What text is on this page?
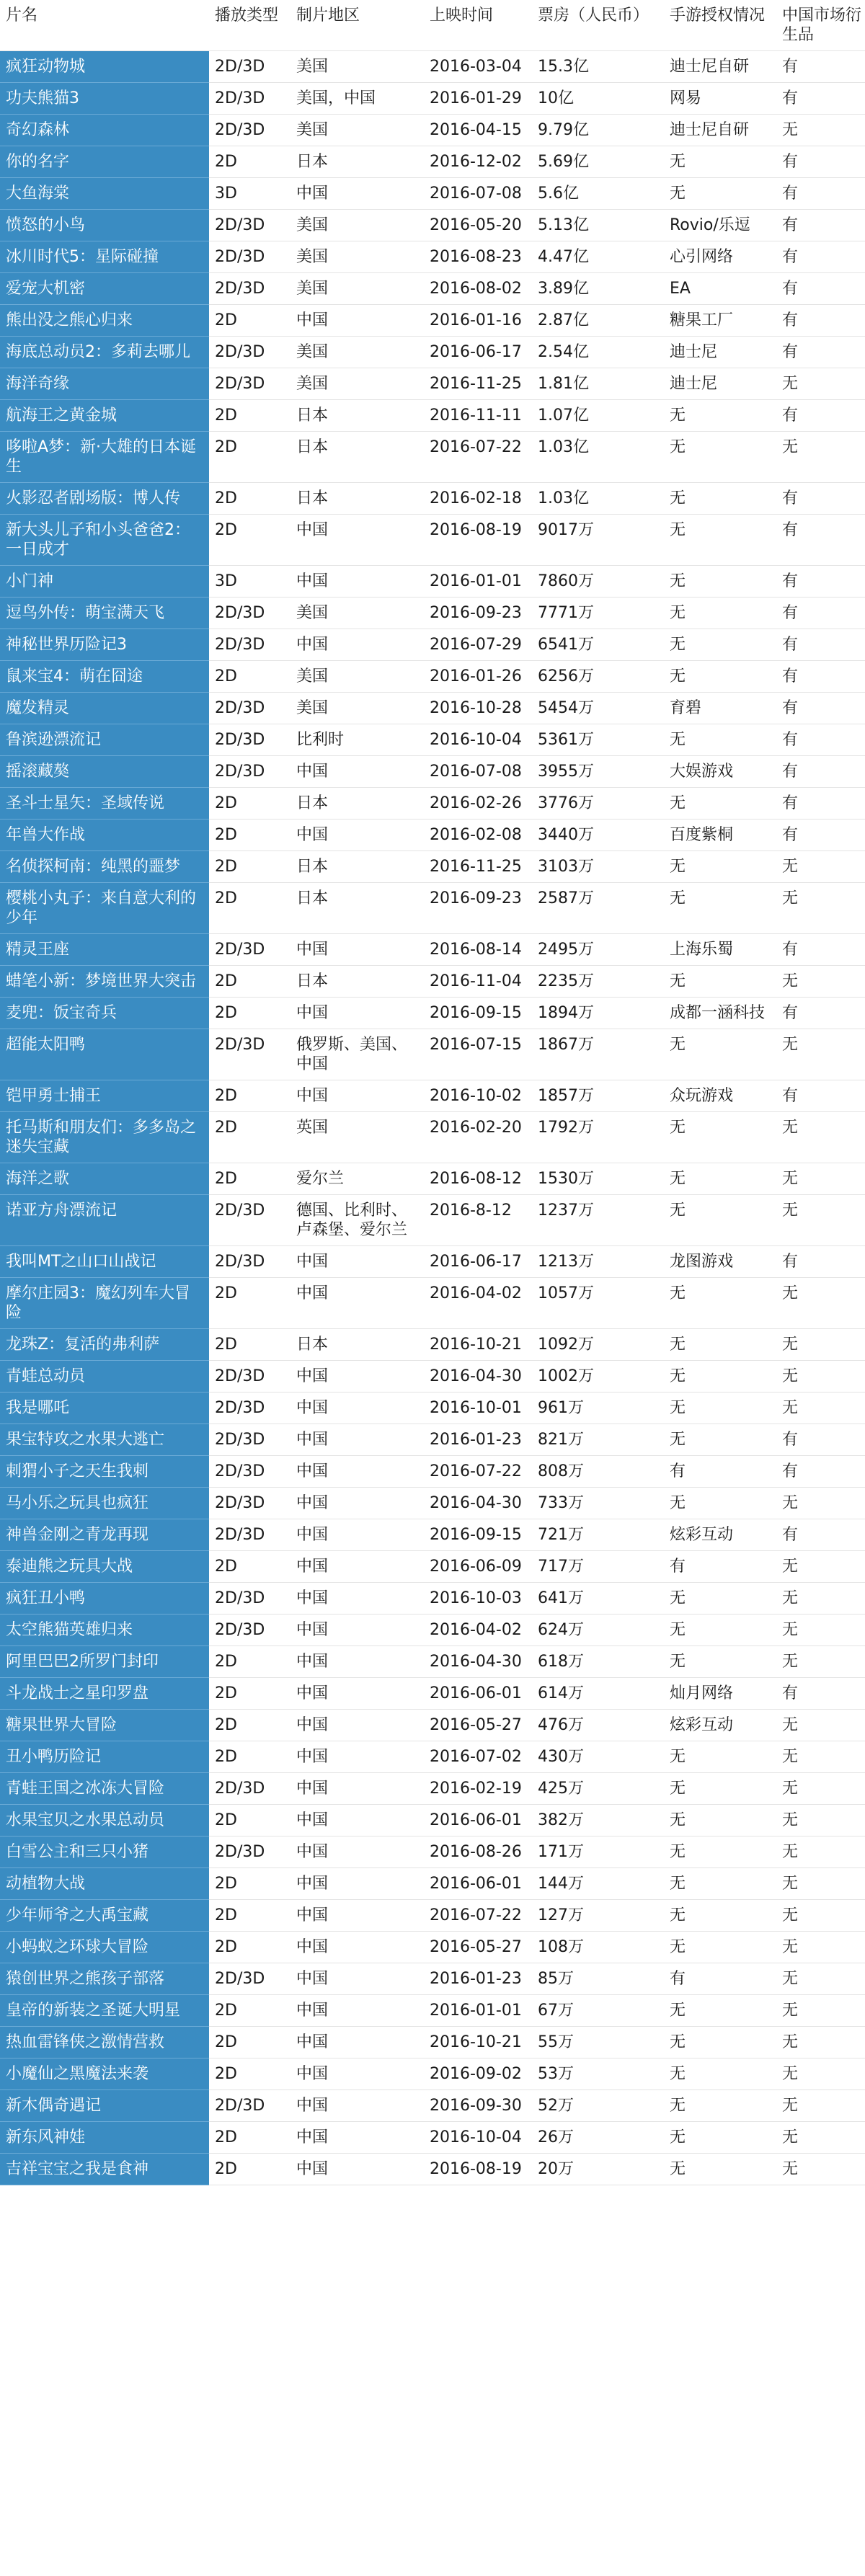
片名	播放类型	制片地区	上映时间	票房（人民币）	手游授权情况	中国市场衍生品
疯狂动物城	2D/3D	美国	2016-03-04	15.3亿	迪士尼自研	有
功夫熊猫3	2D/3D	美国，中国	2016-01-29	10亿	网易	有
奇幻森林	2D/3D	美国	2016-04-15	9.79亿	迪士尼自研	无
你的名字	2D	日本	2016-12-02	5.69亿	无	有
大鱼海棠	3D	中国	2016-07-08	5.6亿	无	有
愤怒的小鸟	2D/3D	美国	2016-05-20	5.13亿	Rovio/乐逗	有
冰川时代5：星际碰撞	2D/3D	美国	2016-08-23	4.47亿	心引网络	有
爱宠大机密	2D/3D	美国	2016-08-02	3.89亿	EA	有
熊出没之熊心归来	2D	中国	2016-01-16	2.87亿	糖果工厂	有
海底总动员2：多莉去哪儿	2D/3D	美国	2016-06-17	2.54亿	迪士尼	有
海洋奇缘	2D/3D	美国	2016-11-25	1.81亿	迪士尼	无
航海王之黄金城	2D	日本	2016-11-11	1.07亿	无	有
哆啦A梦：新·大雄的日本诞生	2D	日本	2016-07-22	1.03亿	无	无
火影忍者剧场版：博人传	2D	日本	2016-02-18	1.03亿	无	有
新大头儿子和小头爸爸2：一日成才	2D	中国	2016-08-19	9017万	无	有
小门神	3D	中国	2016-01-01	7860万	无	有
逗鸟外传：萌宝满天飞	2D/3D	美国	2016-09-23	7771万	无	有
神秘世界历险记3	2D/3D	中国	2016-07-29	6541万	无	有
鼠来宝4：萌在囧途	2D	美国	2016-01-26	6256万	无	有
魔发精灵	2D/3D	美国	2016-10-28	5454万	育碧	有
鲁滨逊漂流记	2D/3D	比利时	2016-10-04	5361万	无	有
摇滚藏獒	2D/3D	中国	2016-07-08	3955万	大娱游戏	有
圣斗士星矢：圣域传说	2D	日本	2016-02-26	3776万	无	有
年兽大作战	2D	中国	2016-02-08	3440万	百度紫桐	有
名侦探柯南：纯黑的噩梦	2D	日本	2016-11-25	3103万	无	无
樱桃小丸子：来自意大利的少年	2D	日本	2016-09-23	2587万	无	无
精灵王座	2D/3D	中国	2016-08-14	2495万	上海乐蜀	有
蜡笔小新：梦境世界大突击	2D	日本	2016-11-04	2235万	无	无
麦兜：饭宝奇兵	2D	中国	2016-09-15	1894万	成都一涵科技	有
超能太阳鸭	2D/3D	俄罗斯、美国、中国	2016-07-15	1867万	无	无
铠甲勇士捕王	2D	中国	2016-10-02	1857万	众玩游戏	有
托马斯和朋友们：多多岛之迷失宝藏	2D	英国	2016-02-20	1792万	无	无
海洋之歌	2D	爱尔兰	2016-08-12	1530万	无	无
诺亚方舟漂流记	2D/3D	德国、比利时、卢森堡、爱尔兰	2016-8-12	1237万	无	无
我叫MT之山口山战记	2D/3D	中国	2016-06-17	1213万	龙图游戏	有
摩尔庄园3：魔幻列车大冒险	2D	中国	2016-04-02	1057万	无	无
龙珠Z：复活的弗利萨	2D	日本	2016-10-21	1092万	无	无
青蛙总动员	2D/3D	中国	2016-04-30	1002万	无	无
我是哪吒	2D/3D	中国	2016-10-01	961万	无	无
果宝特攻之水果大逃亡	2D/3D	中国	2016-01-23	821万	无	有
刺猬小子之天生我刺	2D/3D	中国	2016-07-22	808万	有	有
马小乐之玩具也疯狂	2D/3D	中国	2016-04-30	733万	无	无
神兽金刚之青龙再现	2D/3D	中国	2016-09-15	721万	炫彩互动	有
泰迪熊之玩具大战	2D	中国	2016-06-09	717万	有	无
疯狂丑小鸭	2D/3D	中国	2016-10-03	641万	无	无
太空熊猫英雄归来	2D/3D	中国	2016-04-02	624万	无	无
阿里巴巴2所罗门封印	2D	中国	2016-04-30	618万	无	无
斗龙战士之星印罗盘	2D	中国	2016-06-01	614万	灿月网络	有
糖果世界大冒险	2D	中国	2016-05-27	476万	炫彩互动	无
丑小鸭历险记	2D	中国	2016-07-02	430万	无	无
青蛙王国之冰冻大冒险	2D/3D	中国	2016-02-19	425万	无	无
水果宝贝之水果总动员	2D	中国	2016-06-01	382万	无	无
白雪公主和三只小猪	2D/3D	中国	2016-08-26	171万	无	无
动植物大战	2D	中国	2016-06-01	144万	无	无
少年师爷之大禹宝藏	2D	中国	2016-07-22	127万	无	无
小蚂蚁之环球大冒险	2D	中国	2016-05-27	108万	无	无
猿创世界之熊孩子部落	2D/3D	中国	2016-01-23	85万	有	无
皇帝的新装之圣诞大明星	2D	中国	2016-01-01	67万	无	无
热血雷锋侠之激情营救	2D	中国	2016-10-21	55万	无	无
小魔仙之黑魔法来袭	2D	中国	2016-09-02	53万	无	无
新木偶奇遇记	2D/3D	中国	2016-09-30	52万	无	无
新东风神娃	2D	中国	2016-10-04	26万	无	无
吉祥宝宝之我是食神	2D	中国	2016-08-19	20万	无	无
